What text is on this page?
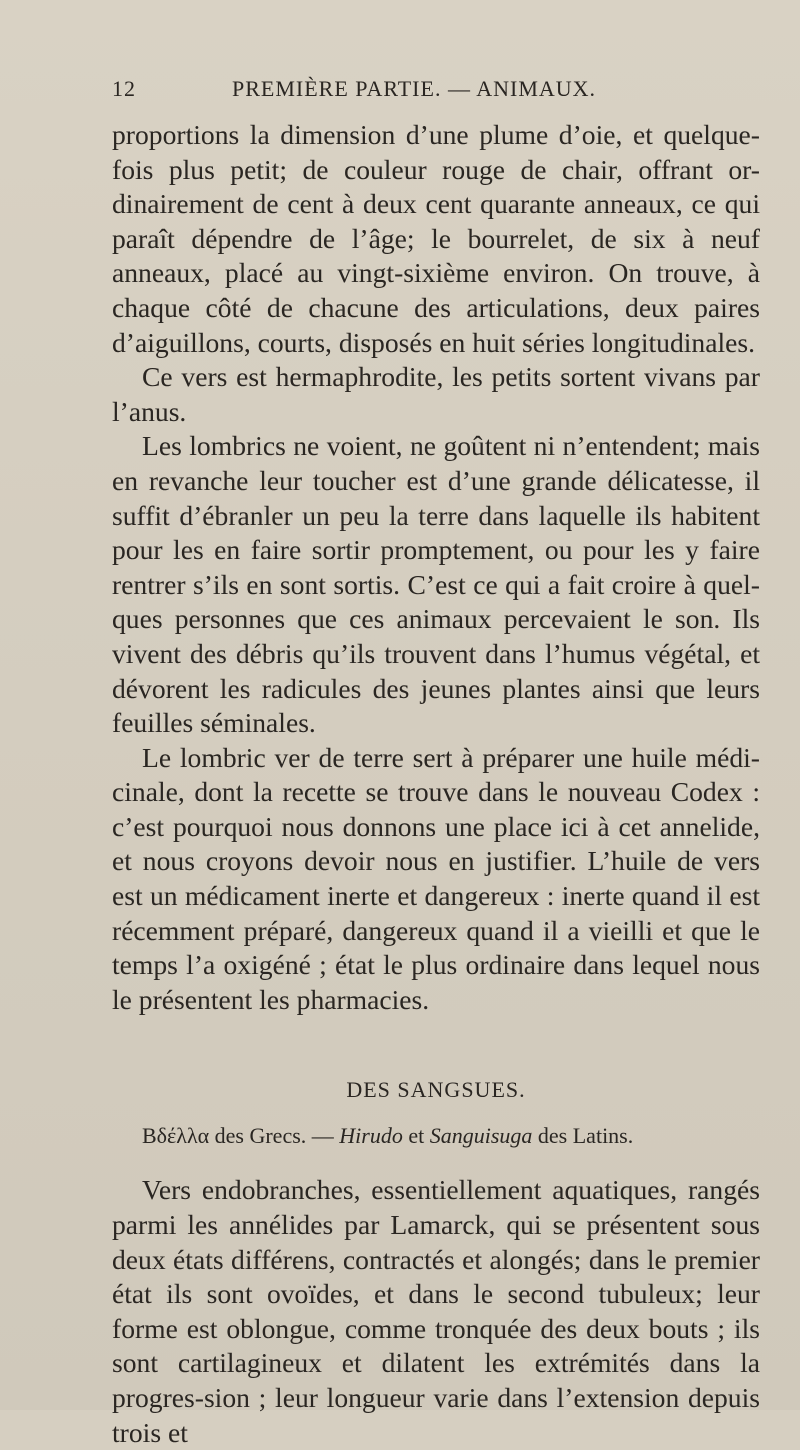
12	PREMIÈRE PARTIE. — ANIMAUX.

proportions la dimension d’une plume d’oie, et quelque-fois plus petit; de couleur rouge de chair, offrant or-dinairement de cent à deux cent quarante anneaux, ce qui paraît dépendre de l’âge; le bourrelet, de six à neuf anneaux, placé au vingt-sixième environ. On trouve, à chaque côté de chacune des articulations, deux paires d’aiguillons, courts, disposés en huit séries longitudinales.

Ce vers est hermaphrodite, les petits sortent vivans par l’anus.

Les lombrics ne voient, ne goûtent ni n’entendent; mais en revanche leur toucher est d’une grande délicatesse, il suffit d’ébranler un peu la terre dans laquelle ils habitent pour les en faire sortir promptement, ou pour les y faire rentrer s’ils en sont sortis. C’est ce qui a fait croire à quel-ques personnes que ces animaux percevaient le son. Ils vivent des débris qu’ils trouvent dans l’humus végétal, et dévorent les radicules des jeunes plantes ainsi que leurs feuilles séminales.

Le lombric ver de terre sert à préparer une huile médi-cinale, dont la recette se trouve dans le nouveau Codex : c’est pourquoi nous donnons une place ici à cet annelide, et nous croyons devoir nous en justifier. L’huile de vers est un médicament inerte et dangereux : inerte quand il est récemment préparé, dangereux quand il a vieilli et que le temps l’a oxigéné ; état le plus ordinaire dans lequel nous le présentent les pharmacies.

DES SANGSUES.

Βδέλλα des Grecs. — Hirudo et Sanguisuga des Latins.

Vers endobranches, essentiellement aquatiques, rangés parmi les annélides par Lamarck, qui se présentent sous deux états différens, contractés et alongés; dans le premier état ils sont ovoïdes, et dans le second tubuleux; leur forme est oblongue, comme tronquée des deux bouts ; ils sont cartilagineux et dilatent les extrémités dans la progres-sion ; leur longueur varie dans l’extension depuis trois et
